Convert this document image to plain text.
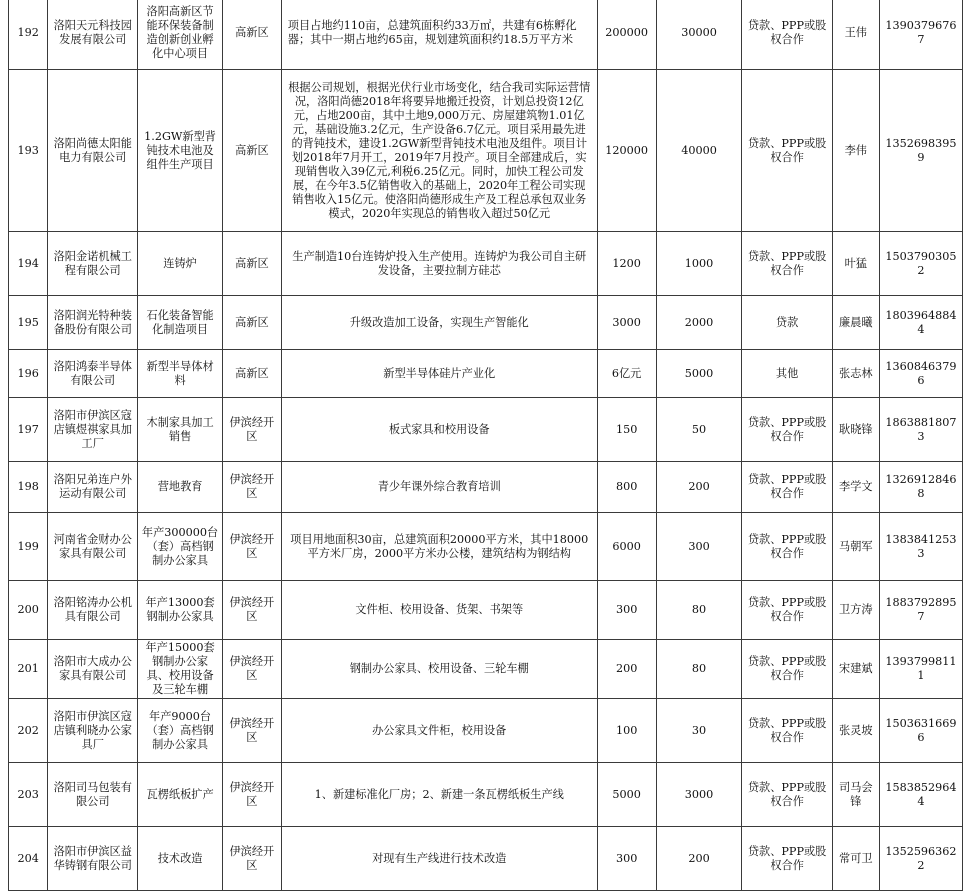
192	洛阳天元科技园发展有限公司	洛阳高新区节能环保装备制造创新创业孵化中心项目	高新区	项目占地约110亩，总建筑面积约33万㎡，共建有6栋孵化器；其中一期占地约65亩，规划建筑面积约18.5万平方米	200000	30000	贷款、PPP或股权合作	王伟	13903796767
193	洛阳尚德太阳能电力有限公司	1.2GW新型背钝技术电池及组件生产项目	高新区	根据公司规划，根据光伏行业市场变化，结合我司实际运营情况，洛阳尚德2018年将要异地搬迁投资，计划总投资12亿元，占地200亩，其中土地9,000万元、房屋建筑物1.01亿元，基础设施3.2亿元，生产设备6.7亿元。项目采用最先进的背钝技术，建设1.2GW新型背钝技术电池及组件。项目计划2018年7月开工，2019年7月投产。项目全部建成后，实现销售收入39亿元,利税6.25亿元。同时，加快工程公司发展，在今年3.5亿销售收入的基础上，2020年工程公司实现销售收入15亿元。使洛阳尚德形成生产及工程总承包双业务模式，2020年实现总的销售收入超过50亿元	120000	40000	贷款、PPP或股权合作	李伟	13526983959
194	洛阳金诺机械工程有限公司	连铸炉	高新区	生产制造10台连铸炉投入生产使用。连铸炉为我公司自主研发设备，主要拉制方硅芯	1200	1000	贷款、PPP或股权合作	叶猛	15037903052
195	洛阳润光特种装备股份有限公司	石化装备智能化制造项目	高新区	升级改造加工设备，实现生产智能化	3000	2000	贷款	廉晨曦	18039648844
196	洛阳鸿泰半导体有限公司	新型半导体材料	高新区	新型半导体硅片产业化	6亿元	5000	其他	张志林	13608463796
197	洛阳市伊滨区寇店镇煜祺家具加工厂	木制家具加工销售	伊滨经开区	板式家具和校用设备	150	50	贷款、PPP或股权合作	耿晓锋	18638818073
198	洛阳兄弟连户外运动有限公司	营地教育	伊滨经开区	青少年课外综合教育培训	800	200	贷款、PPP或股权合作	李学文	13269128468
199	河南省金财办公家具有限公司	年产300000台（套）高档钢制办公家具	伊滨经开区	项目用地面积30亩，总建筑面积20000平方米，其中18000平方米厂房，2000平方米办公楼，建筑结构为钢结构	6000	300	贷款、PPP或股权合作	马朝军	13838412533
200	洛阳铭涛办公机具有限公司	年产13000套钢制办公家具	伊滨经开区	文件柜、校用设备、货架、书架等	300	80	贷款、PPP或股权合作	卫方涛	18837928957
201	洛阳市大成办公家具有限公司	年产15000套钢制办公家具、校用设备及三轮车棚	伊滨经开区	钢制办公家具、校用设备、三轮车棚	200	80	贷款、PPP或股权合作	宋建斌	13937998111
202	洛阳市伊滨区寇店镇利晓办公家具厂	年产9000台（套）高档钢制办公家具	伊滨经开区	办公家具文件柜，校用设备	100	30	贷款、PPP或股权合作	张灵坡	15036316696
203	洛阳司马包装有限公司	瓦楞纸板扩产	伊滨经开区	1、新建标准化厂房；2、新建一条瓦楞纸板生产线	5000	3000	贷款、PPP或股权合作	司马会锋	15838529644
204	洛阳市伊滨区益华铸钢有限公司	技术改造	伊滨经开区	对现有生产线进行技术改造	300	200	贷款、PPP或股权合作	常可卫	13525963622
